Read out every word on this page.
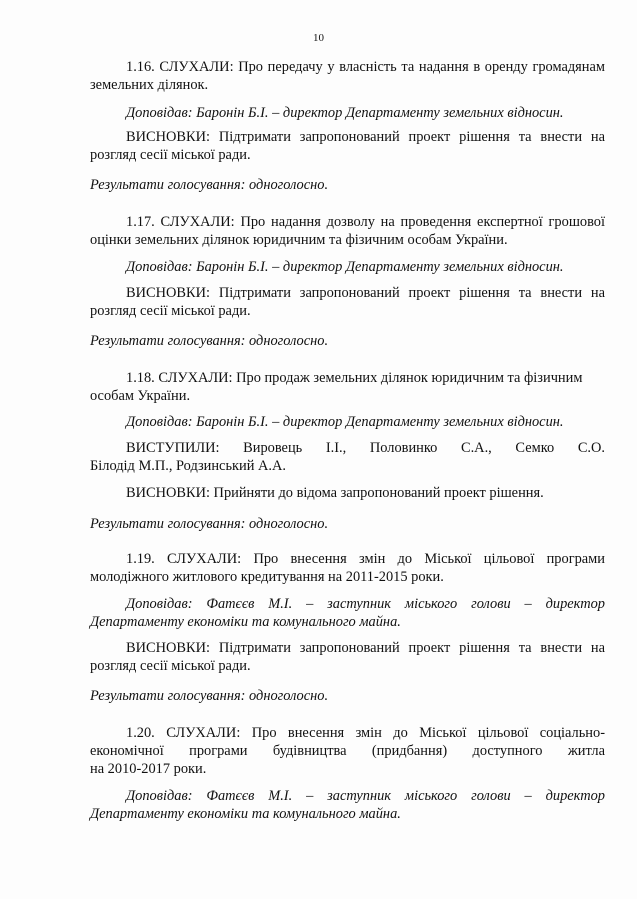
10

1.16. СЛУХАЛИ: Про передачу у власність та надання в оренду громадянам земельних ділянок.

Доповідав: Баронін Б.І. – директор Департаменту земельних відносин.

ВИСНОВКИ: Підтримати запропонований проект рішення та внести на розгляд сесії міської ради.

Результати голосування: одноголосно.

1.17. СЛУХАЛИ: Про надання дозволу на проведення експертної грошової оцінки земельних ділянок юридичним та фізичним особам України.

Доповідав: Баронін Б.І. – директор Департаменту земельних відносин.

ВИСНОВКИ: Підтримати запропонований проект рішення та внести на розгляд сесії міської ради.

Результати голосування: одноголосно.

1.18. СЛУХАЛИ: Про продаж земельних ділянок юридичним та фізичним
особам України.

Доповідав: Баронін Б.І. – директор Департаменту земельних відносин.

ВИСТУПИЛИ: Вировець І.І., Половинко С.А., Семко С.О.
Білодід М.П., Родзинський А.А.

ВИСНОВКИ: Прийняти до відома запропонований проект рішення.

Результати голосування: одноголосно.

1.19. СЛУХАЛИ: Про внесення змін до Міської цільової програми молодіжного житлового кредитування на 2011-2015 роки.

Доповідав: Фатєєв М.І. – заступник міського голови – директор Департаменту економіки та комунального майна.

ВИСНОВКИ: Підтримати запропонований проект рішення та внести на розгляд сесії міської ради.

Результати голосування: одноголосно.

1.20. СЛУХАЛИ: Про внесення змін до Міської цільової соціально-
економічної програми будівництва (придбання) доступного житла
на 2010-2017 роки.

Доповідав: Фатєєв М.І. – заступник міського голови – директор Департаменту економіки та комунального майна.
